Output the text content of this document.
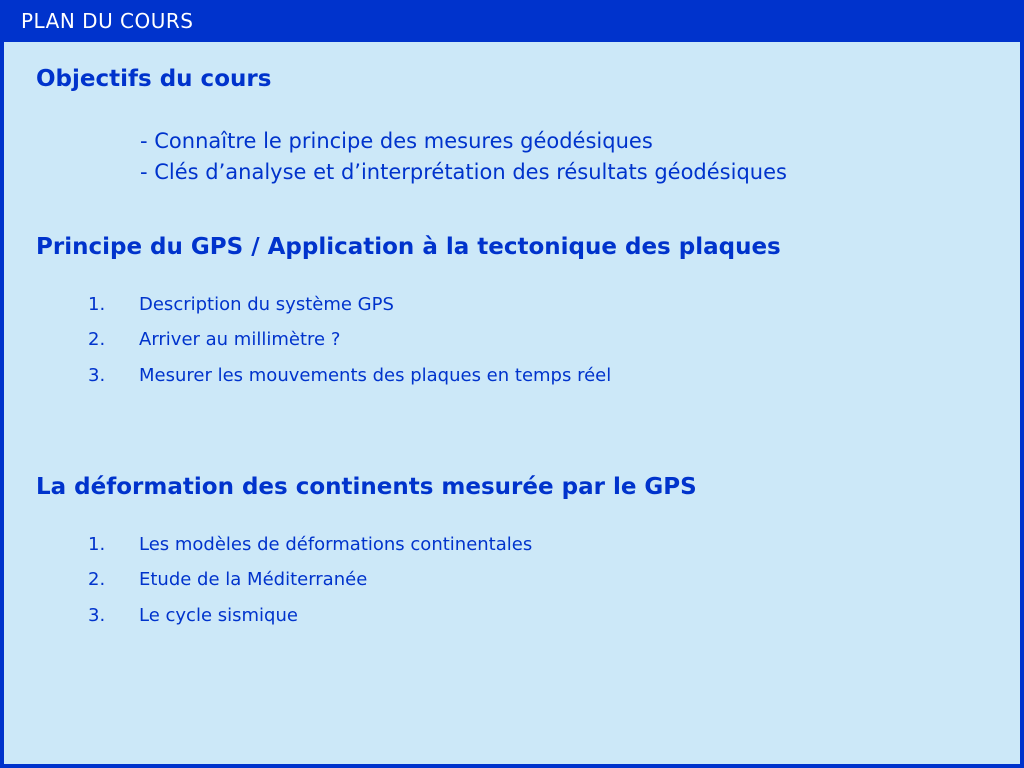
PLAN DU COURS
Objectifs du cours
- Connaître le principe des mesures géodésiques
- Clés d’analyse et d’interprétation des résultats géodésiques
Principe du GPS / Application à la tectonique des plaques
1. Description du système GPS
2. Arriver au millimètre ?
3. Mesurer les mouvements des plaques en temps réel
La déformation des continents mesurée par le GPS
1. Les modèles de déformations continentales
2. Etude de la Méditerranée
3. Le cycle sismique
